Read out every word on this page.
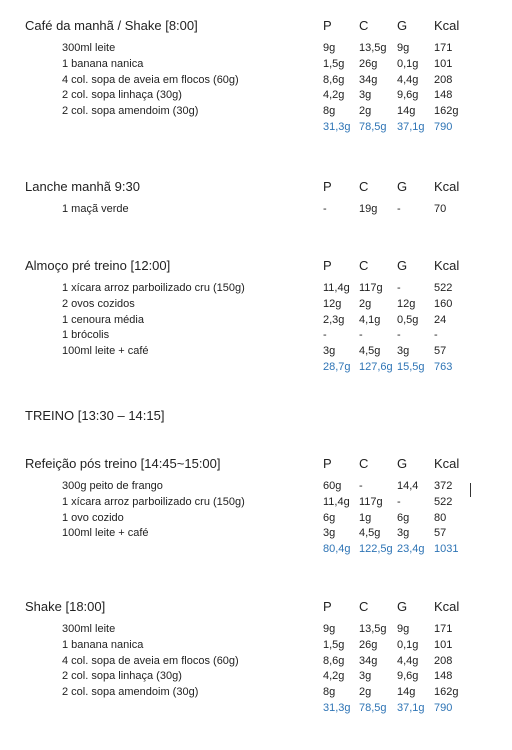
Café da manhã / Shake [8:00]	P C G Kcal
300ml leite	9g 13,5g 9g 171
1 banana nanica	1,5g 26g 0,1g 101
4 col. sopa de aveia em flocos (60g)	8,6g 34g 4,4g 208
2 col. sopa linhaça (30g)	4,2g 3g 9,6g 148
2 col. sopa amendoim (30g)	8g 2g 14g 162g
31,3g 78,5g 37,1g 790
Lanche manhã 9:30	P C G Kcal
1 maçã verde	-	19g -	70
Almoço pré treino [12:00]	P C G Kcal
1 xícara arroz parboilizado cru (150g)	11,4g 117g -	522
2 ovos cozidos	12g 2g 12g 160
1 cenoura média	2,3g 4,1g 0,5g 24
1 brócolis	-	-	-	-
100ml leite + café	3g 4,5g 3g 57
28,7g 127,6g 15,5g 763
Refeição pós treino [14:45~15:00]	P C G Kcal
300g peito de frango	60g -	14,4 372
1 xícara arroz parboilizado cru (150g)	11,4g 117g -	522
1 ovo cozido	6g 1g 6g 80
100ml leite + café	3g 4,5g 3g 57
80,4g 122,5g 23,4g 1031
Shake [18:00]	P C G Kcal
300ml leite	9g 13,5g 9g 171
1 banana nanica	1,5g 26g 0,1g 101
4 col. sopa de aveia em flocos (60g)	8,6g 34g 4,4g 208
2 col. sopa linhaça (30g)	4,2g 3g 9,6g 148
2 col. sopa amendoim (30g)	8g 2g 14g 162g
31,3g 78,5g 37,1g 790
TREINO [13:30 – 14:15]
